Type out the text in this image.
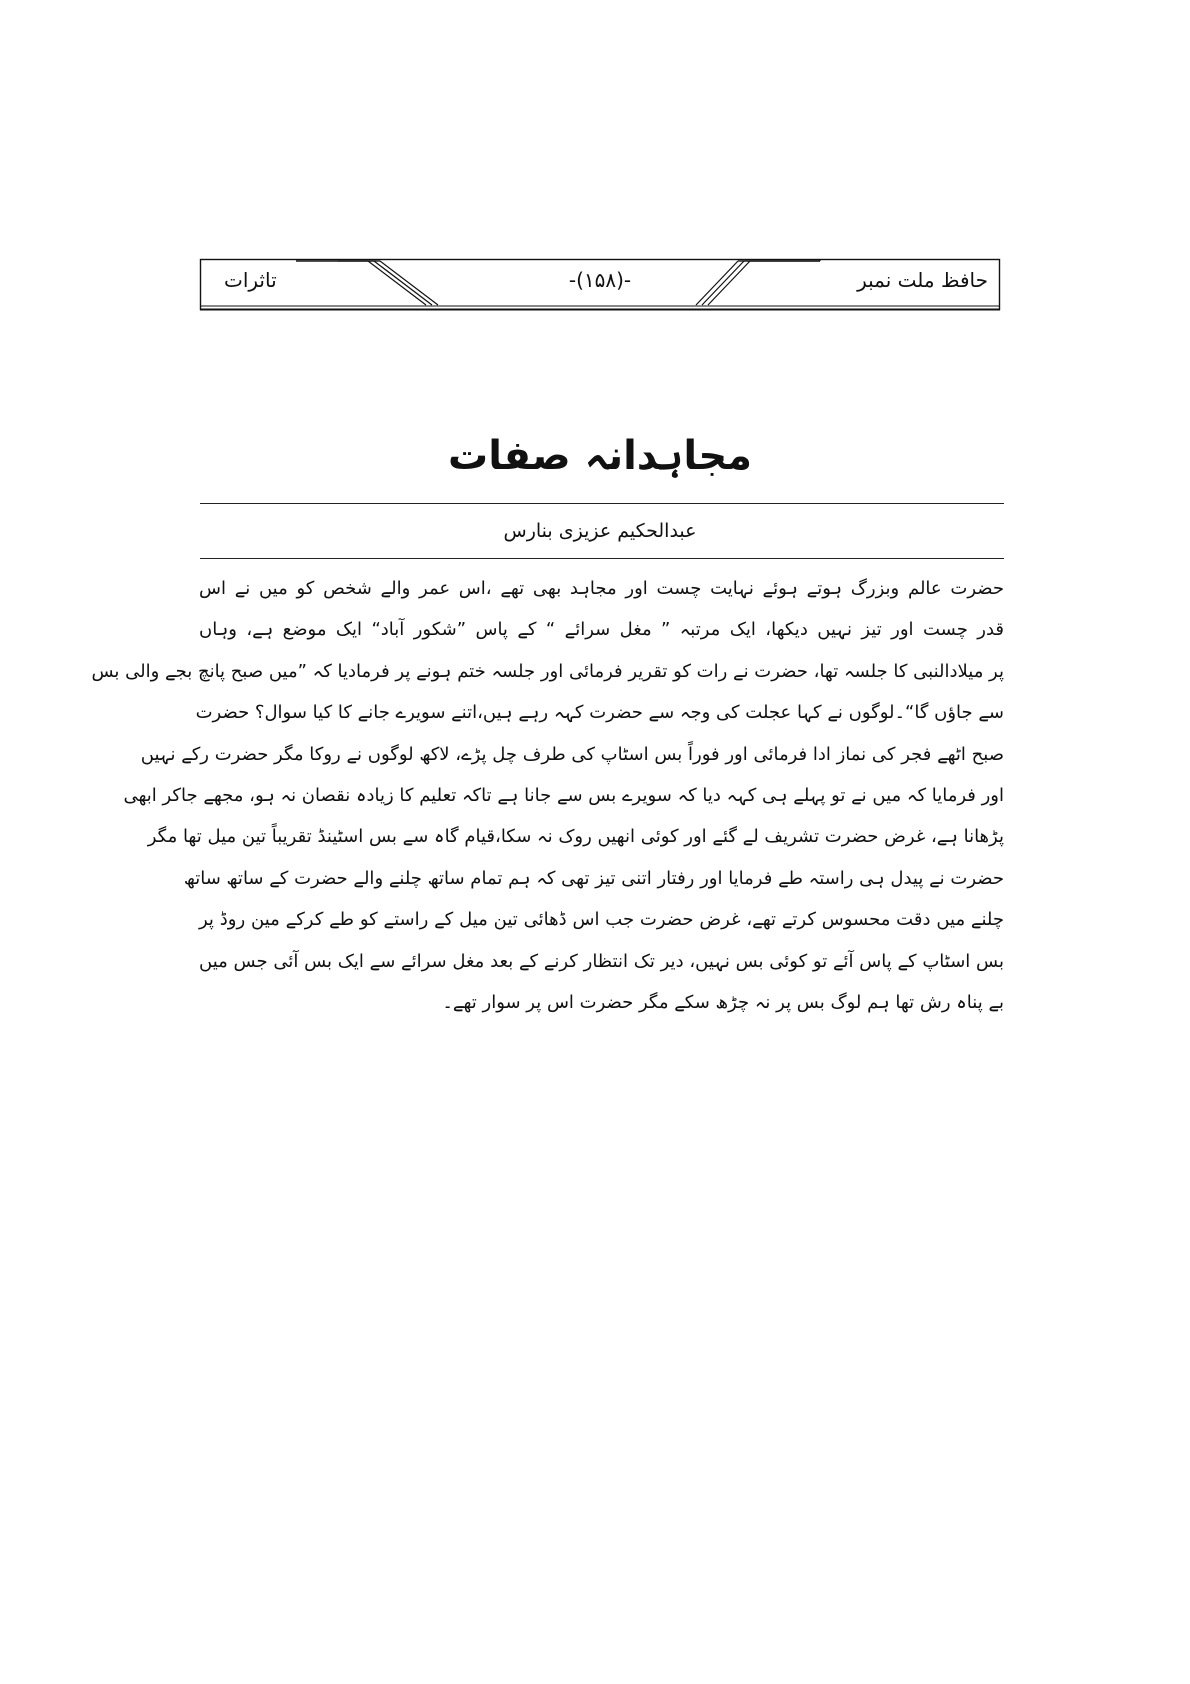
حافظ ملت نمبر
-(۱۵۸)-
تاثرات
مجاہدانہ صفات
عبدالحکیم عزیزی بنارس
حضرت عالم وبزرگ ہوتے ہوئے نہایت چست اور مجاہد بھی تھے ،اس عمر والے شخص کو میں نے اس
قدر چست اور تیز نہیں دیکھا، ایک مرتبہ ” مغل سرائے “ کے پاس ”شکور آباد“ ایک موضع ہے، وہاں
پر میلادالنبی کا جلسہ تھا، حضرت نے رات کو تقریر فرمائی اور جلسہ ختم ہونے پر فرمادیا کہ ”میں صبح پانچ بجے والی بس
سے جاؤں گا“۔لوگوں نے کہا عجلت کی وجہ سے حضرت کہہ رہے ہیں،اتنے سویرے جانے کا کیا سوال؟ حضرت
صبح اٹھے فجر کی نماز ادا فرمائی اور فوراً بس اسٹاپ کی طرف چل پڑے، لاکھ لوگوں نے روکا مگر حضرت رکے نہیں
اور فرمایا کہ میں نے تو پہلے ہی کہہ دیا کہ سویرے بس سے جانا ہے تاکہ تعلیم کا زیادہ نقصان نہ ہو، مجھے جاکر ابھی
پڑھانا ہے، غرض حضرت تشریف لے گئے اور کوئی انھیں روک نہ سکا،قیام گاہ سے بس اسٹینڈ تقریباً تین میل تھا مگر
حضرت نے پیدل ہی راستہ طے فرمایا اور رفتار اتنی تیز تھی کہ ہم تمام ساتھ چلنے والے حضرت کے ساتھ ساتھ
چلنے میں دقت محسوس کرتے تھے، غرض حضرت جب اس ڈھائی تین میل کے راستے کو طے کرکے مین روڈ پر
بس اسٹاپ کے پاس آئے تو کوئی بس نہیں، دیر تک انتظار کرنے کے بعد مغل سرائے سے ایک بس آئی جس میں
بے پناہ رش تھا ہم لوگ بس پر نہ چڑھ سکے مگر حضرت اس پر سوار تھے۔
